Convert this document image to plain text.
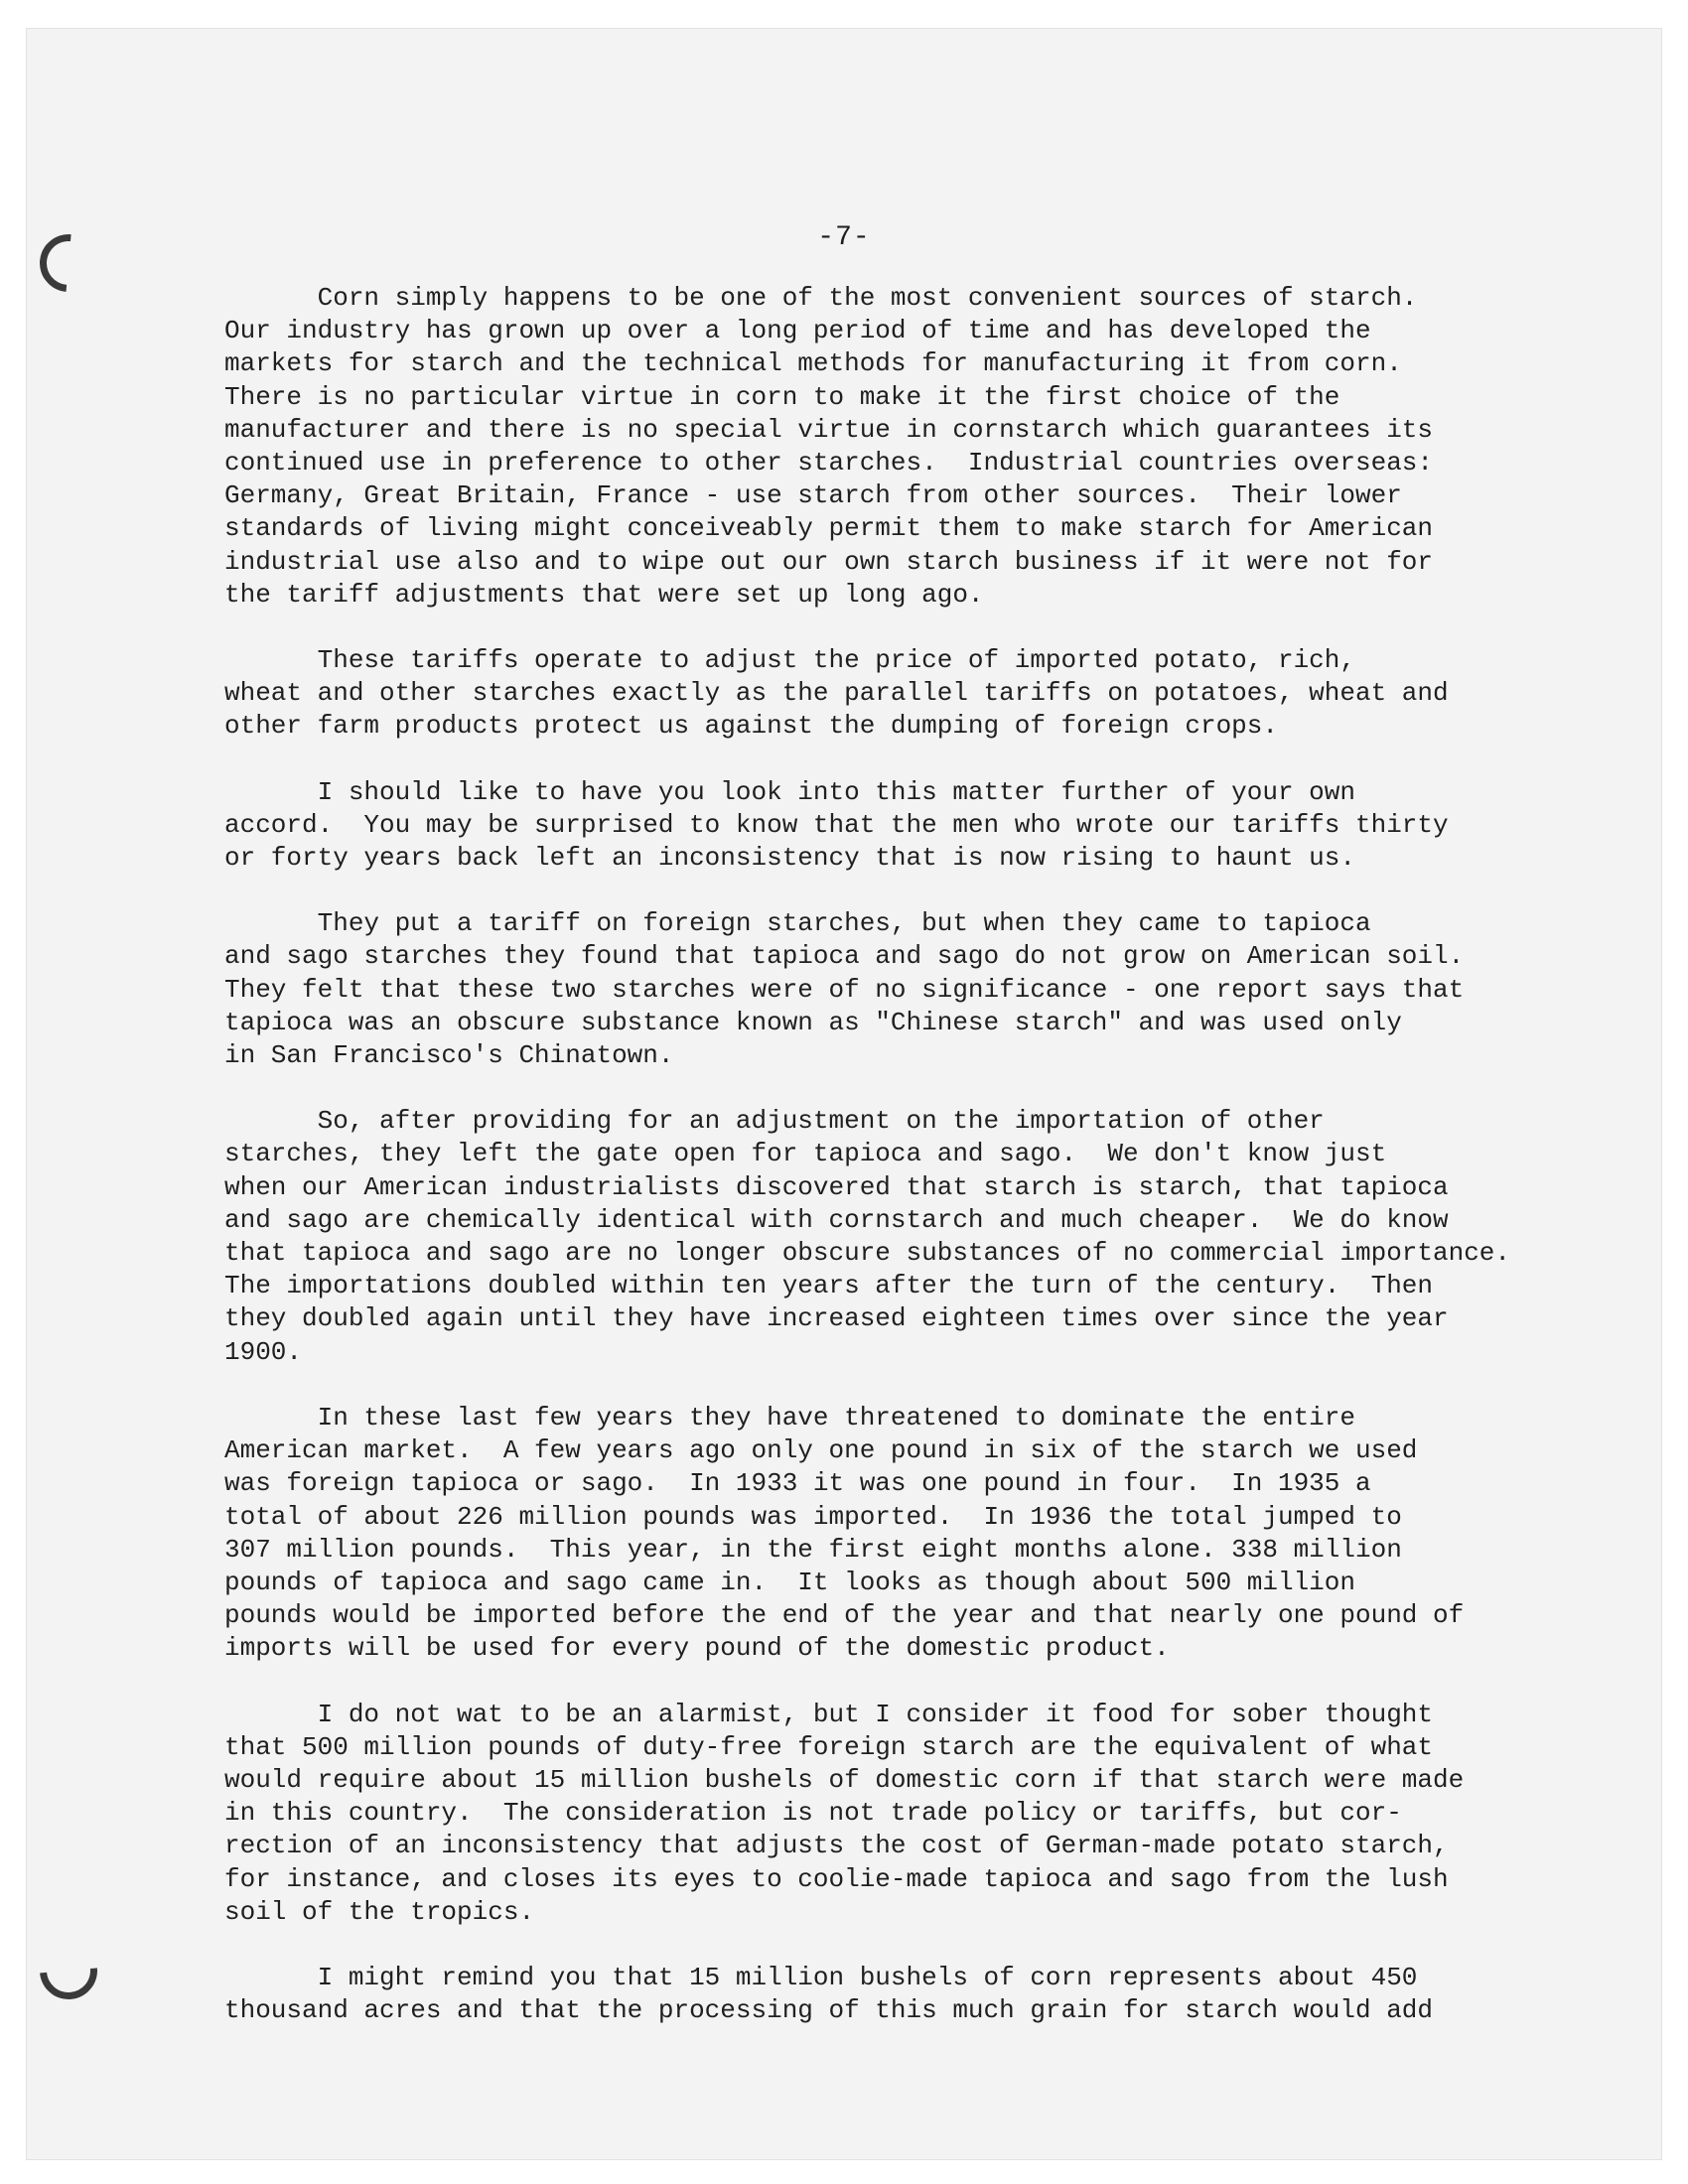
-7-
Corn simply happens to be one of the most convenient sources of starch.
Our industry has grown up over a long period of time and has developed the
markets for starch and the technical methods for manufacturing it from corn.
There is no particular virtue in corn to make it the first choice of the
manufacturer and there is no special virtue in cornstarch which guarantees its
continued use in preference to other starches.  Industrial countries overseas:
Germany, Great Britain, France - use starch from other sources.  Their lower
standards of living might conceiveably permit them to make starch for American
industrial use also and to wipe out our own starch business if it were not for
the tariff adjustments that were set up long ago.
These tariffs operate to adjust the price of imported potato, rich,
wheat and other starches exactly as the parallel tariffs on potatoes, wheat and
other farm products protect us against the dumping of foreign crops.
I should like to have you look into this matter further of your own
accord.  You may be surprised to know that the men who wrote our tariffs thirty
or forty years back left an inconsistency that is now rising to haunt us.
They put a tariff on foreign starches, but when they came to tapioca
and sago starches they found that tapioca and sago do not grow on American soil.
They felt that these two starches were of no significance - one report says that
tapioca was an obscure substance known as "Chinese starch" and was used only
in San Francisco's Chinatown.
So, after providing for an adjustment on the importation of other
starches, they left the gate open for tapioca and sago.  We don't know just
when our American industrialists discovered that starch is starch, that tapioca
and sago are chemically identical with cornstarch and much cheaper.  We do know
that tapioca and sago are no longer obscure substances of no commercial importance.
The importations doubled within ten years after the turn of the century.  Then
they doubled again until they have increased eighteen times over since the year
1900.
In these last few years they have threatened to dominate the entire
American market.  A few years ago only one pound in six of the starch we used
was foreign tapioca or sago.  In 1933 it was one pound in four.  In 1935 a
total of about 226 million pounds was imported.  In 1936 the total jumped to
307 million pounds.  This year, in the first eight months alone. 338 million
pounds of tapioca and sago came in.  It looks as though about 500 million
pounds would be imported before the end of the year and that nearly one pound of
imports will be used for every pound of the domestic product.
I do not wat to be an alarmist, but I consider it food for sober thought
that 500 million pounds of duty-free foreign starch are the equivalent of what
would require about 15 million bushels of domestic corn if that starch were made
in this country.  The consideration is not trade policy or tariffs, but cor-
rection of an inconsistency that adjusts the cost of German-made potato starch,
for instance, and closes its eyes to coolie-made tapioca and sago from the lush
soil of the tropics.
I might remind you that 15 million bushels of corn represents about 450
thousand acres and that the processing of this much grain for starch would add
